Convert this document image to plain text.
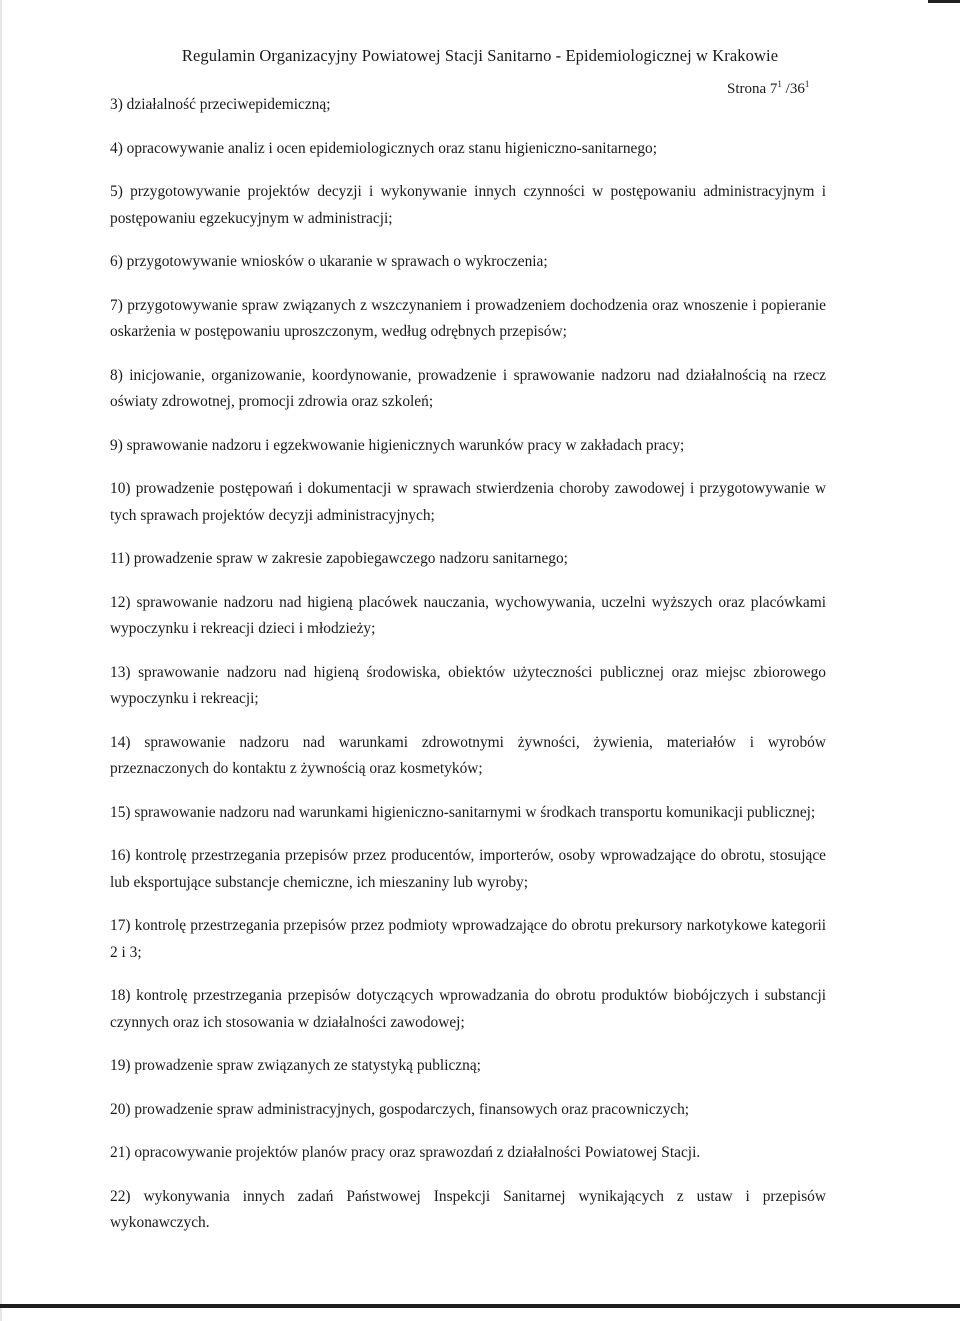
Regulamin Organizacyjny Powiatowej Stacji Sanitarno - Epidemiologicznej w Krakowie
Strona $7^1$ $/36^1$
3) działalność przeciwepidemiczną;
4) opracowywanie analiz i ocen epidemiologicznych oraz stanu higieniczno-sanitarnego;
5) przygotowywanie projektów decyzji i wykonywanie innych czynności w postępowaniu administracyjnym i postępowaniu egzekucyjnym w administracji;
6) przygotowywanie wniosków o ukaranie w sprawach o wykroczenia;
7) przygotowywanie spraw związanych z wszczynaniem i prowadzeniem dochodzenia oraz wnoszenie i popieranie oskarżenia w postępowaniu uproszczonym, według odrębnych przepisów;
8) inicjowanie, organizowanie, koordynowanie, prowadzenie i sprawowanie nadzoru nad działalnością na rzecz oświaty zdrowotnej, promocji zdrowia oraz szkoleń;
9) sprawowanie nadzoru i egzekwowanie higienicznych warunków pracy w zakładach pracy;
10) prowadzenie postępowań i dokumentacji w sprawach stwierdzenia choroby zawodowej i przygotowywanie w tych sprawach projektów decyzji administracyjnych;
11) prowadzenie spraw w zakresie zapobiegawczego nadzoru sanitarnego;
12) sprawowanie nadzoru nad higieną placówek nauczania, wychowywania, uczelni wyższych oraz placówkami wypoczynku i rekreacji dzieci i młodzieży;
13) sprawowanie nadzoru nad higieną środowiska, obiektów użyteczności publicznej oraz miejsc zbiorowego wypoczynku i rekreacji;
14) sprawowanie nadzoru nad warunkami zdrowotnymi żywności, żywienia, materiałów i wyrobów przeznaczonych do kontaktu z żywnością oraz kosmetyków;
15) sprawowanie nadzoru nad warunkami higieniczno-sanitarnymi w środkach transportu komunikacji publicznej;
16) kontrolę przestrzegania przepisów przez producentów, importerów, osoby wprowadzające do obrotu, stosujące lub eksportujące substancje chemiczne, ich mieszaniny lub wyroby;
17) kontrolę przestrzegania przepisów przez podmioty wprowadzające do obrotu prekursory narkotykowe kategorii 2 i 3;
18) kontrolę przestrzegania przepisów dotyczących wprowadzania do obrotu produktów biobójczych i substancji czynnych oraz ich stosowania w działalności zawodowej;
19) prowadzenie spraw związanych ze statystyką publiczną;
20) prowadzenie spraw administracyjnych, gospodarczych, finansowych oraz pracowniczych;
21) opracowywanie projektów planów pracy oraz sprawozdań z działalności Powiatowej Stacji.
22) wykonywania innych zadań Państwowej Inspekcji Sanitarnej wynikających z ustaw i przepisów wykonawczych.
